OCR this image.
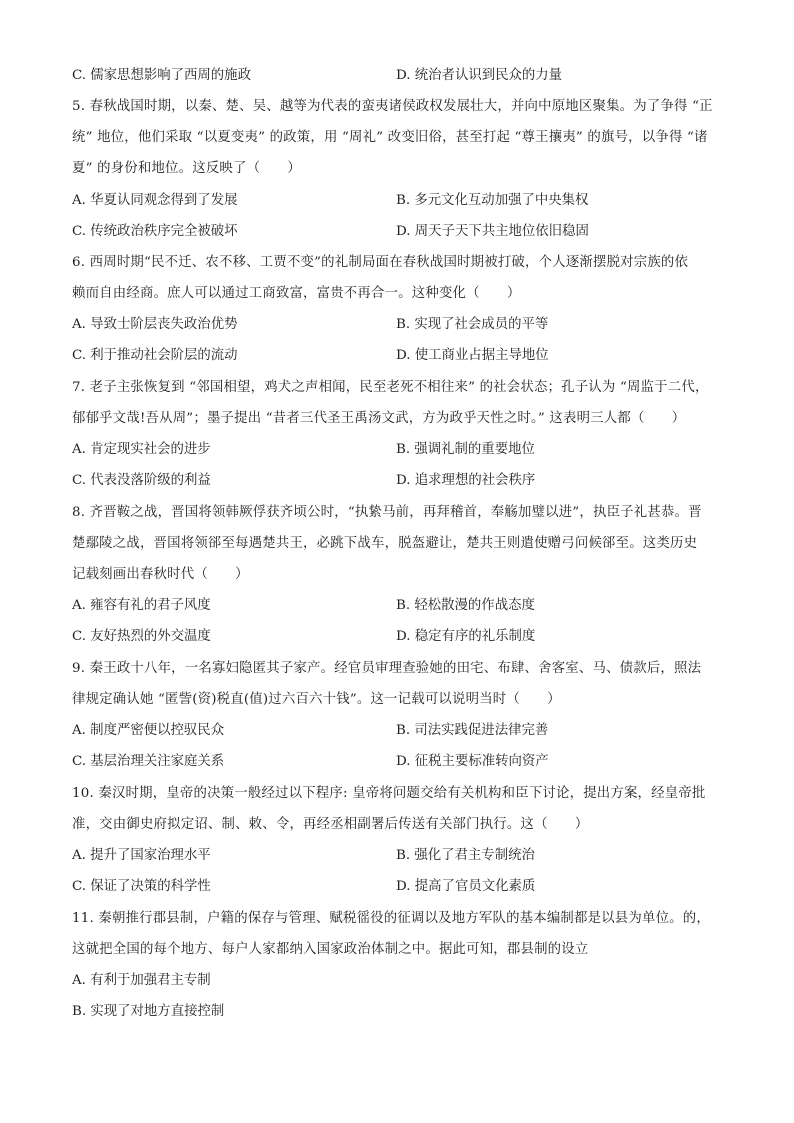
C. 儒家思想影响了西周的施政	D. 统治者认识到民众的力量
5. 春秋战国时期，以秦、楚、吴、越等为代表的蛮夷诸侯政权发展壮大，并向中原地区聚集。为了争得 “正
统” 地位，他们采取 “以夏变夷” 的政策，用 “周礼” 改变旧俗，甚至打起 “尊王攘夷” 的旗号，以争得 “诸
夏” 的身份和地位。这反映了（　　）
A. 华夏认同观念得到了发展	B. 多元文化互动加强了中央集权
C. 传统政治秩序完全被破坏	D. 周天子天下共主地位依旧稳固
6. 西周时期“民不迁、农不移、工贾不变”的礼制局面在春秋战国时期被打破，个人逐渐摆脱对宗族的依
赖而自由经商。庶人可以通过工商致富，富贵不再合一。这种变化（　　）
A. 导致士阶层丧失政治优势	B. 实现了社会成员的平等
C. 利于推动社会阶层的流动	D. 使工商业占据主导地位
7. 老子主张恢复到 “邻国相望，鸡犬之声相闻，民至老死不相往来” 的社会状态；孔子认为 “周监于二代，
郁郁乎文哉!吾从周”；墨子提出 “昔者三代圣王禹汤文武，方为政乎天性之时。” 这表明三人都（　　）
A. 肯定现实社会的进步	B. 强调礼制的重要地位
C. 代表没落阶级的利益	D. 追求理想的社会秩序
8. 齐晋鞍之战，晋国将领韩厥俘获齐顷公时，“执絷马前，再拜稽首，奉觞加璧以进”，执臣子礼甚恭。晋
楚鄢陵之战，晋国将领郤至每遇楚共王，必跳下战车，脱盔避让，楚共王则遣使赠弓问候郤至。这类历史
记载刻画出春秋时代（　　）
A. 雍容有礼的君子风度	B. 轻松散漫的作战态度
C. 友好热烈的外交温度	D. 稳定有序的礼乐制度
9. 秦王政十八年，一名寡妇隐匿其子家产。经官员审理查验她的田宅、布肆、舍客室、马、债款后，照法
律规定确认她 “匿訾(资)税直(值)过六百六十钱”。这一记载可以说明当时（　　）
A. 制度严密便以控驭民众	B. 司法实践促进法律完善
C. 基层治理关注家庭关系	D. 征税主要标准转向资产
10. 秦汉时期，皇帝的决策一般经过以下程序: 皇帝将问题交给有关机构和臣下讨论，提出方案，经皇帝批
准，交由御史府拟定诏、制、敕、令，再经丞相副署后传送有关部门执行。这（　　）
A. 提升了国家治理水平	B. 强化了君主专制统治
C. 保证了决策的科学性	D. 提高了官员文化素质
11. 秦朝推行郡县制，户籍的保存与管理、赋税徭役的征调以及地方军队的基本编制都是以县为单位。的，
这就把全国的每个地方、每户人家都纳入国家政治体制之中。据此可知，郡县制的设立
A. 有利于加强君主专制
B. 实现了对地方直接控制
